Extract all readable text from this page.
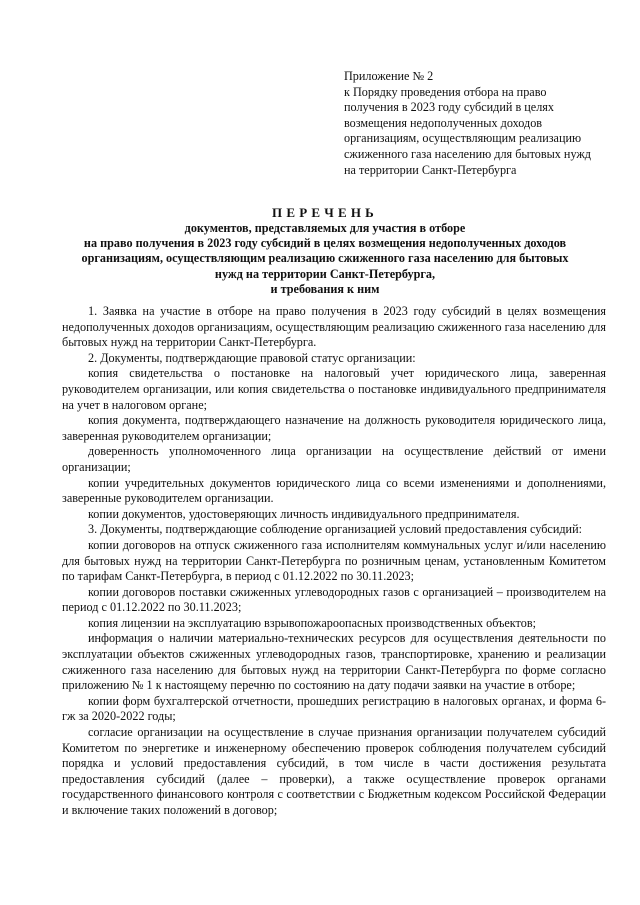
Приложение № 2
к Порядку проведения отбора на право
получения в 2023 году субсидий в целях
возмещения недополученных доходов
организациям, осуществляющим реализацию
сжиженного газа населению для бытовых нужд
на территории Санкт-Петербурга
ПЕРЕЧЕНЬ
документов, представляемых для участия в отборе
на право получения в 2023 году субсидий в целях возмещения недополученных доходов
организациям, осуществляющим реализацию сжиженного газа населению для бытовых
нужд на территории Санкт-Петербурга,
и требования к ним
1. Заявка на участие в отборе на право получения в 2023 году субсидий в целях возмещения недополученных доходов организациям, осуществляющим реализацию сжиженного газа населению для бытовых нужд на территории Санкт-Петербурга.
2. Документы, подтверждающие правовой статус организации:
копия свидетельства о постановке на налоговый учет юридического лица, заверенная руководителем организации, или копия свидетельства о постановке индивидуального предпринимателя на учет в налоговом органе;
копия документа, подтверждающего назначение на должность руководителя юридического лица, заверенная руководителем организации;
доверенность уполномоченного лица организации на осуществление действий от имени организации;
копии учредительных документов юридического лица со всеми изменениями и дополнениями, заверенные руководителем организации.
копии документов, удостоверяющих личность индивидуального предпринимателя.
3. Документы, подтверждающие соблюдение организацией условий предоставления субсидий:
копии договоров на отпуск сжиженного газа исполнителям коммунальных услуг и/или населению для бытовых нужд на территории Санкт-Петербурга по розничным ценам, установленным Комитетом по тарифам Санкт-Петербурга, в период с 01.12.2022 по 30.11.2023;
копии договоров поставки сжиженных углеводородных газов с организацией – производителем на период с 01.12.2022 по 30.11.2023;
копия лицензии на эксплуатацию взрывопожароопасных производственных объектов;
информация о наличии материально-технических ресурсов для осуществления деятельности по эксплуатации объектов сжиженных углеводородных газов, транспортировке, хранению и реализации сжиженного газа населению для бытовых нужд на территории Санкт-Петербурга по форме согласно приложению № 1 к настоящему перечню по состоянию на дату подачи заявки на участие в отборе;
копии форм бухгалтерской отчетности, прошедших регистрацию в налоговых органах, и форма 6-гж за 2020-2022 годы;
согласие организации на осуществление в случае признания организации получателем субсидий Комитетом по энергетике и инженерному обеспечению проверок соблюдения получателем субсидий порядка и условий предоставления субсидий, в том числе в части достижения результата предоставления субсидий (далее – проверки), а также осуществление проверок органами государственного финансового контроля с соответствии с Бюджетным кодексом Российской Федерации и включение таких положений в договор;
